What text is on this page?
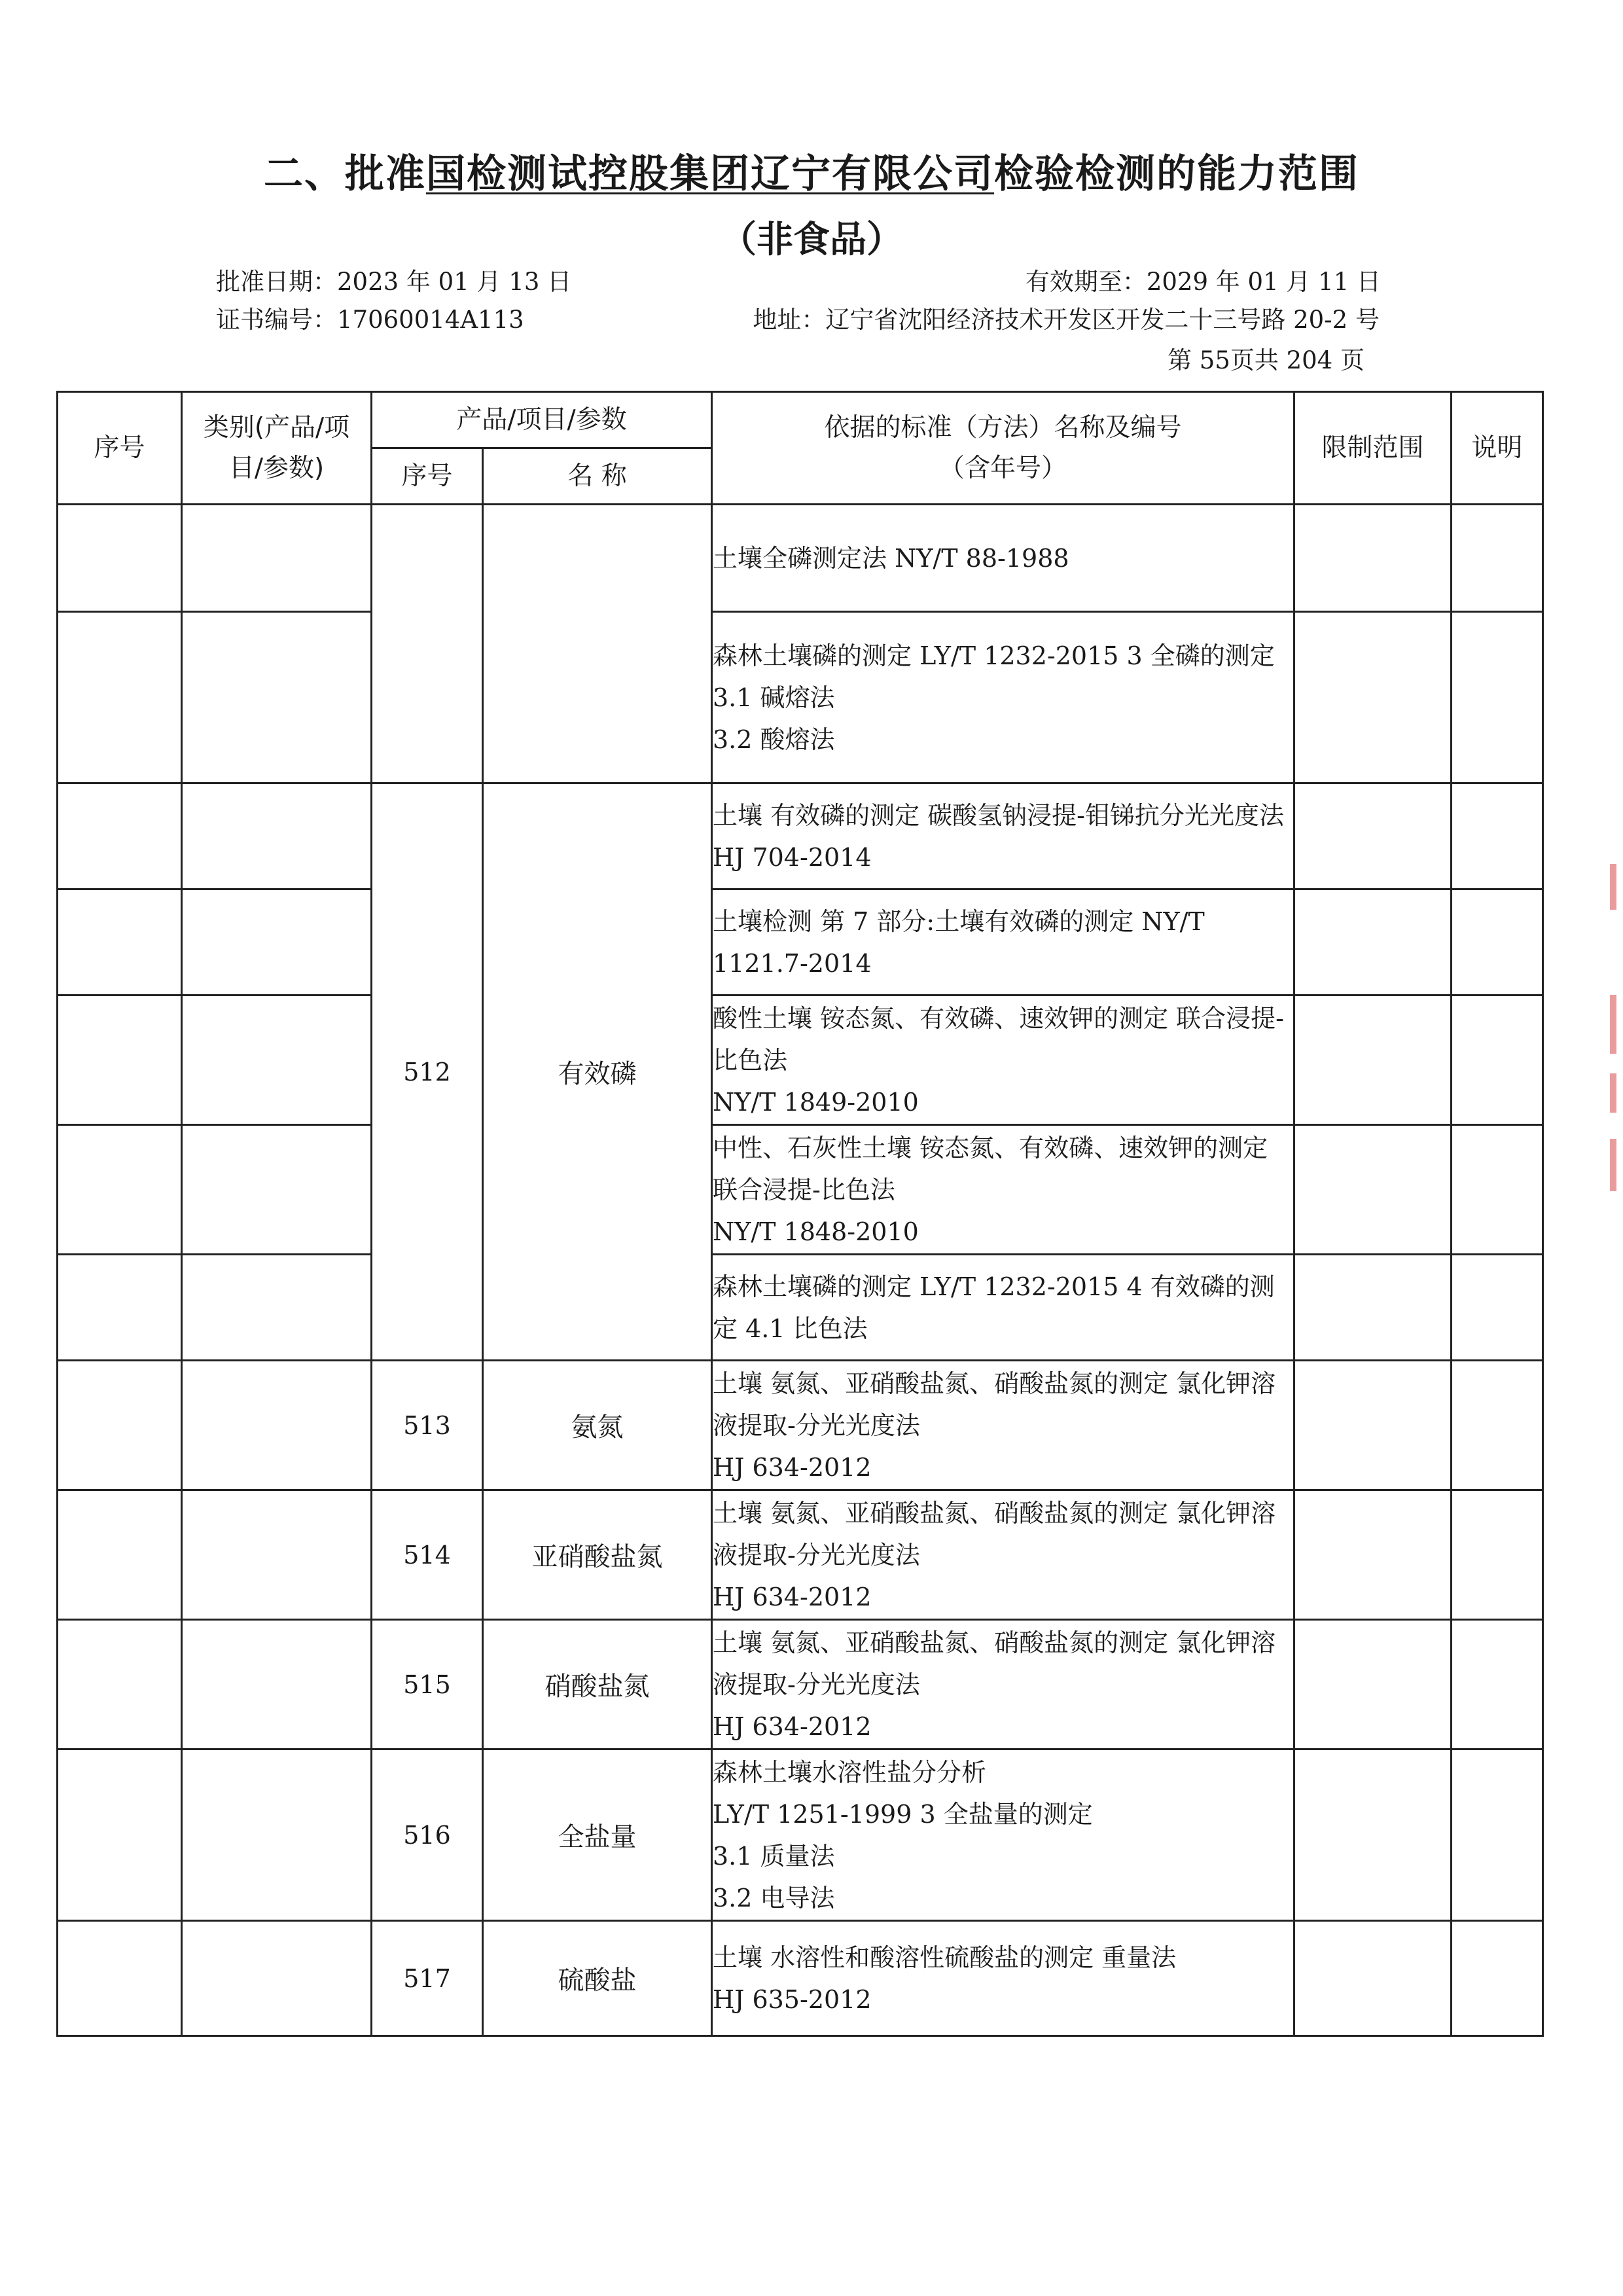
二、批准国检测试控股集团辽宁有限公司检验检测的能力范围
（非食品）
批准日期：2023 年 01 月 13 日	有效期至：2029 年 01 月 11 日
证书编号：17060014A113	地址：辽宁省沈阳经济技术开发区开发二十三号路 20-2 号
第 55页共 204 页
序号	类别(产品/项目/参数)	产品/项目/参数		依据的标准（方法）名称及编号（含年号）	限制范围	说明
		序号	名 称			

				土壤全磷测定法 NY/T 88-1988		

				森林土壤磷的测定 LY/T 1232-2015 3 全磷的测定
3.1 碱熔法
3.2 酸熔法		

		512	有效磷	土壤 有效磷的测定 碳酸氢钠浸提-钼锑抗分光光度法 HJ 704-2014		

				土壤检测 第 7 部分:土壤有效磷的测定 NY/T 1121.7-2014		

				酸性土壤 铵态氮、有效磷、速效钾的测定 联合浸提-比色法
NY/T 1849-2010		

				中性、石灰性土壤 铵态氮、有效磷、速效钾的测定 联合浸提-比色法
NY/T 1848-2010		

				森林土壤磷的测定 LY/T 1232-2015 4 有效磷的测定 4.1 比色法		

		513	氨氮	土壤 氨氮、亚硝酸盐氮、硝酸盐氮的测定 氯化钾溶液提取-分光光度法
HJ 634-2012		

		514	亚硝酸盐氮	土壤 氨氮、亚硝酸盐氮、硝酸盐氮的测定 氯化钾溶液提取-分光光度法
HJ 634-2012		

		515	硝酸盐氮	土壤 氨氮、亚硝酸盐氮、硝酸盐氮的测定 氯化钾溶液提取-分光光度法
HJ 634-2012		

		516	全盐量	森林土壤水溶性盐分分析
LY/T 1251-1999 3 全盐量的测定
3.1 质量法
3.2 电导法		

		517	硫酸盐	土壤 水溶性和酸溶性硫酸盐的测定 重量法
HJ 635-2012		
